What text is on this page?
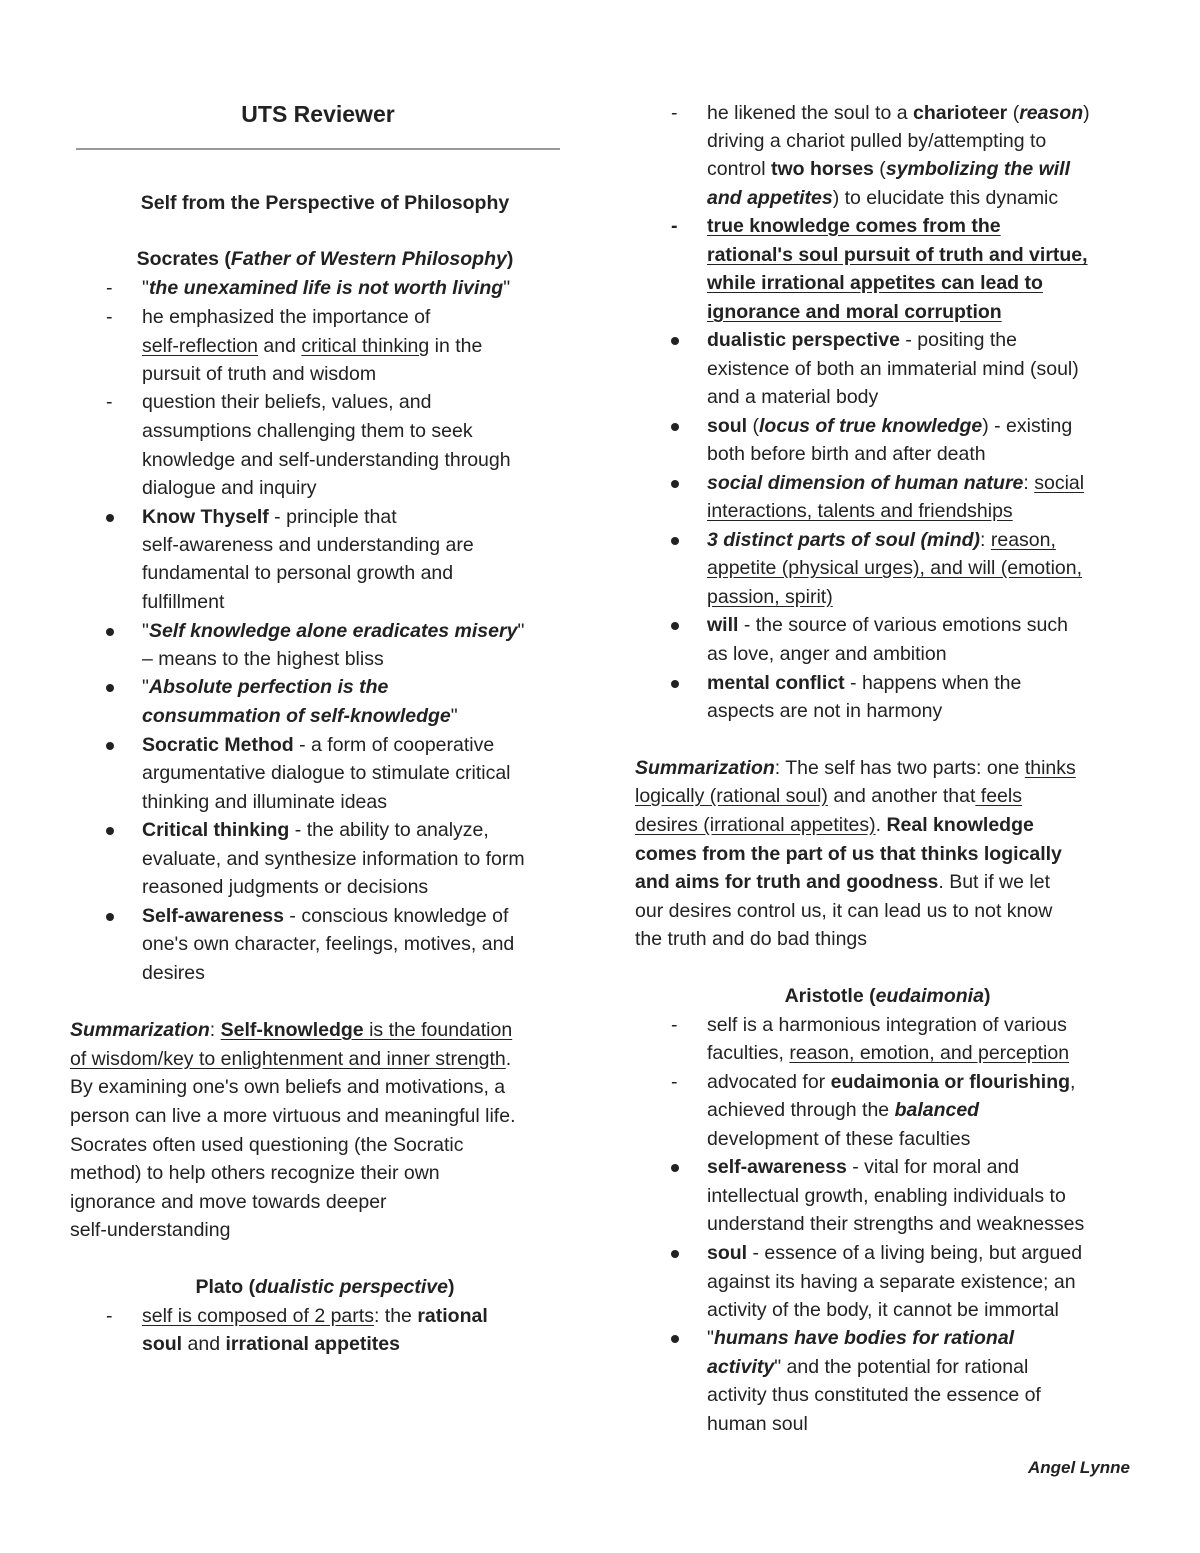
UTS Reviewer
Self from the Perspective of Philosophy
Socrates (Father of Western Philosophy)
- "the unexamined life is not worth living"
- he emphasized the importance of
self-reflection and critical thinking in the
pursuit of truth and wisdom
- question their beliefs, values, and
assumptions challenging them to seek
knowledge and self-understanding through
dialogue and inquiry
Know Thyself - principle that
self-awareness and understanding are
fundamental to personal growth and
fulfillment
"Self knowledge alone eradicates misery"
– means to the highest bliss
"Absolute perfection is the
consummation of self-knowledge"
Socratic Method - a form of cooperative
argumentative dialogue to stimulate critical
thinking and illuminate ideas
Critical thinking - the ability to analyze,
evaluate, and synthesize information to form
reasoned judgments or decisions
Self-awareness - conscious knowledge of
one's own character, feelings, motives, and
desires
Summarization: Self-knowledge is the foundation
of wisdom/key to enlightenment and inner strength.
By examining one's own beliefs and motivations, a
person can live a more virtuous and meaningful life.
Socrates often used questioning (the Socratic
method) to help others recognize their own
ignorance and move towards deeper
self-understanding
Plato (dualistic perspective)
- self is composed of 2 parts: the rational
soul and irrational appetites
- he likened the soul to a charioteer (reason)
driving a chariot pulled by/attempting to
control two horses (symbolizing the will
and appetites) to elucidate this dynamic
- true knowledge comes from the
rational's soul pursuit of truth and virtue,
while irrational appetites can lead to
ignorance and moral corruption
dualistic perspective - positing the
existence of both an immaterial mind (soul)
and a material body
soul (locus of true knowledge) - existing
both before birth and after death
social dimension of human nature: social
interactions, talents and friendships
3 distinct parts of soul (mind): reason,
appetite (physical urges), and will (emotion,
passion, spirit)
will - the source of various emotions such
as love, anger and ambition
mental conflict - happens when the
aspects are not in harmony
Summarization: The self has two parts: one thinks
logically (rational soul) and another that feels
desires (irrational appetites). Real knowledge
comes from the part of us that thinks logically
and aims for truth and goodness. But if we let
our desires control us, it can lead us to not know
the truth and do bad things
Aristotle (eudaimonia)
- self is a harmonious integration of various
faculties, reason, emotion, and perception
- advocated for eudaimonia or flourishing,
achieved through the balanced
development of these faculties
self-awareness - vital for moral and
intellectual growth, enabling individuals to
understand their strengths and weaknesses
soul - essence of a living being, but argued
against its having a separate existence; an
activity of the body, it cannot be immortal
"humans have bodies for rational
activity" and the potential for rational
activity thus constituted the essence of
human soul
Angel Lynne
